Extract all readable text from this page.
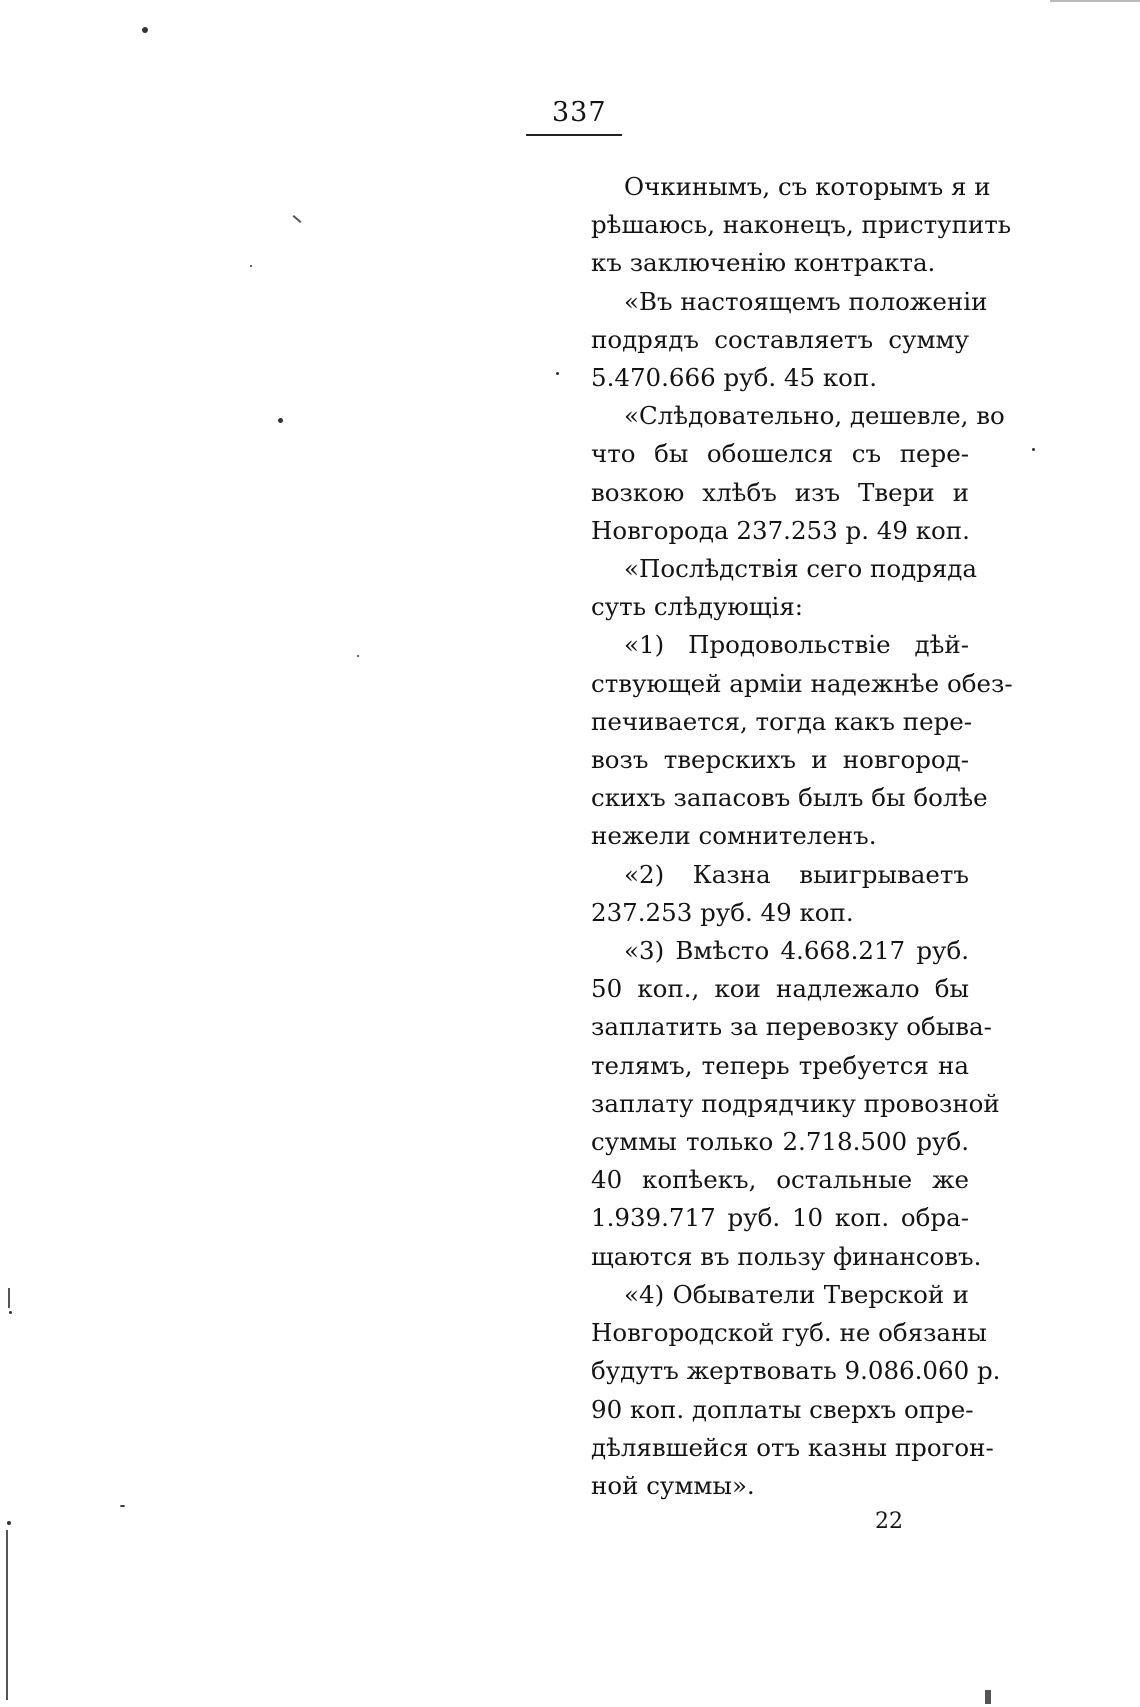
337

Очкинымъ, съ которымъ я и
рѣшаюсь, наконецъ, приступить
къ заключенію контракта.

«Въ настоящемъ положеніи
подрядъ составляетъ сумму
5.470.666 руб. 45 коп.

«Слѣдовательно, дешевле, во
что бы обошелся съ пере-
возкою хлѣбъ изъ Твери и
Новгорода 237.253 р. 49 коп.

«Послѣдствія сего подряда
суть слѣдующія:

«1) Продовольствіе дѣй-
ствующей арміи надежнѣе обез-
печивается, тогда какъ пере-
возъ тверскихъ и новгород-
скихъ запасовъ былъ бы болѣе
нежели сомнителенъ.

«2) Казна выигрываетъ
237.253 руб. 49 коп.

«3) Вмѣсто 4.668.217 руб.
50 коп., кои надлежало бы
заплатить за перевозку обыва-
телямъ, теперь требуется на
заплату подрядчику провозной
суммы только 2.718.500 руб.
40 копѣекъ, остальные же
1.939.717 руб. 10 коп. обра-
щаются въ пользу финансовъ.

«4) Обыватели Тверской и
Новгородской губ. не обязаны
будутъ жертвовать 9.086.060 р.
90 коп. доплаты сверхъ опре-
дѣлявшейся отъ казны прогон-
ной суммы».

22
